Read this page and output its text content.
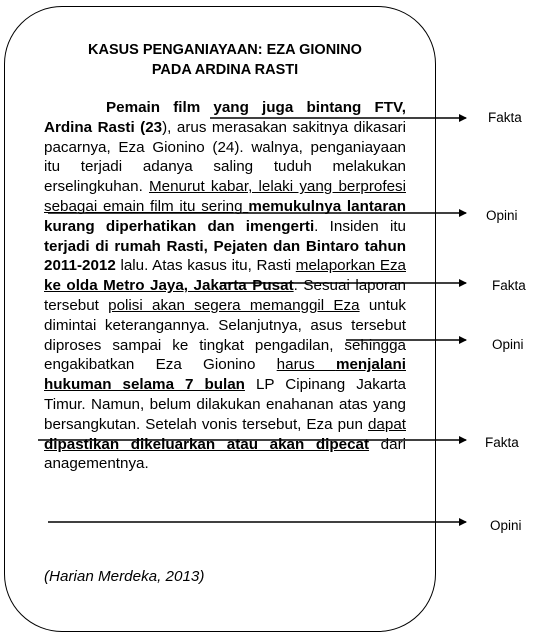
KASUS PENGANIAYAAN: EZA GIONINO
PADA ARDINA RASTI
Pemain film yang juga bintang FTV, Ardina Rasti (23), arus merasakan sakitnya dikasari pacarnya, Eza Gionino (24). walnya, penganiayaan itu terjadi adanya saling tuduh melakukan erselingkuhan. Menurut kabar, lelaki yang berprofesi sebagai emain film itu sering memukulnya lantaran kurang diperhatikan dan imengerti. Insiden itu terjadi di rumah Rasti, Pejaten dan Bintaro tahun 2011-2012 lalu. Atas kasus itu, Rasti melaporkan Eza ke olda Metro Jaya, Jakarta Pusat. Sesuai laporan tersebut polisi akan segera memanggil Eza untuk dimintai keterangannya. Selanjutnya, asus tersebut diproses sampai ke tingkat pengadilan, sehingga engakibatkan Eza Gionino harus menjalani hukuman selama 7 bulan LP Cipinang Jakarta Timur. Namun, belum dilakukan enahanan atas yang bersangkutan. Setelah vonis tersebut, Eza pun dapat dipastikan dikeluarkan atau akan dipecat dari anagementnya.
(Harian Merdeka, 2013)
Fakta
Opini
Fakta
Opini
Fakta
Opini
